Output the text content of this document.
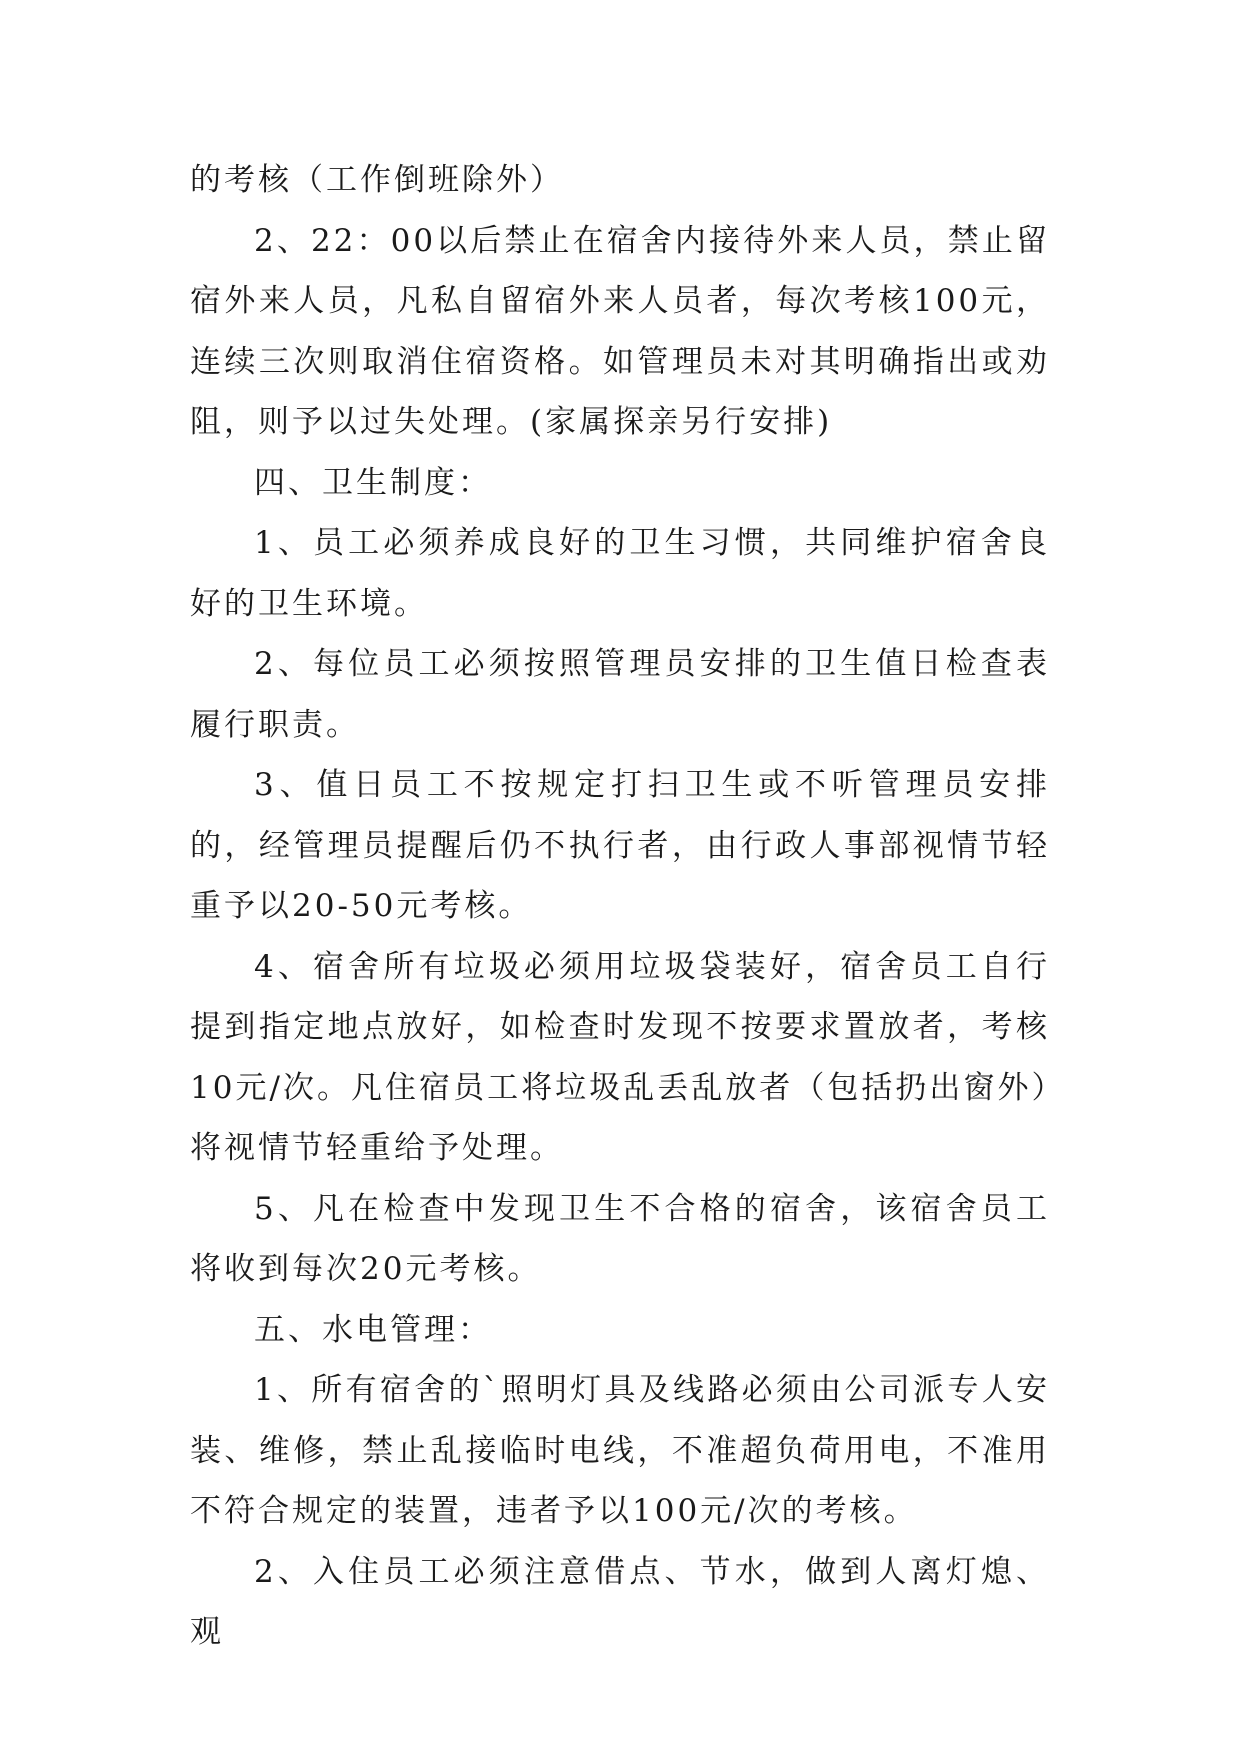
的考核（工作倒班除外）

2、22：00以后禁止在宿舍内接待外来人员，禁止留宿外来人员，凡私自留宿外来人员者，每次考核100元，连续三次则取消住宿资格。如管理员未对其明确指出或劝阻，则予以过失处理。(家属探亲另行安排)

四、卫生制度：

1、员工必须养成良好的卫生习惯，共同维护宿舍良好的卫生环境。

2、每位员工必须按照管理员安排的卫生值日检查表履行职责。

3、值日员工不按规定打扫卫生或不听管理员安排的，经管理员提醒后仍不执行者，由行政人事部视情节轻重予以20-50元考核。

4、宿舍所有垃圾必须用垃圾袋装好，宿舍员工自行提到指定地点放好，如检查时发现不按要求置放者，考核10元/次。凡住宿员工将垃圾乱丢乱放者（包括扔出窗外）将视情节轻重给予处理。

5、凡在检查中发现卫生不合格的宿舍，该宿舍员工将收到每次20元考核。

五、水电管理：

1、所有宿舍的`照明灯具及线路必须由公司派专人安装、维修，禁止乱接临时电线，不准超负荷用电，不准用不符合规定的装置，违者予以100元/次的考核。

2、入住员工必须注意借点、节水，做到人离灯熄、观
